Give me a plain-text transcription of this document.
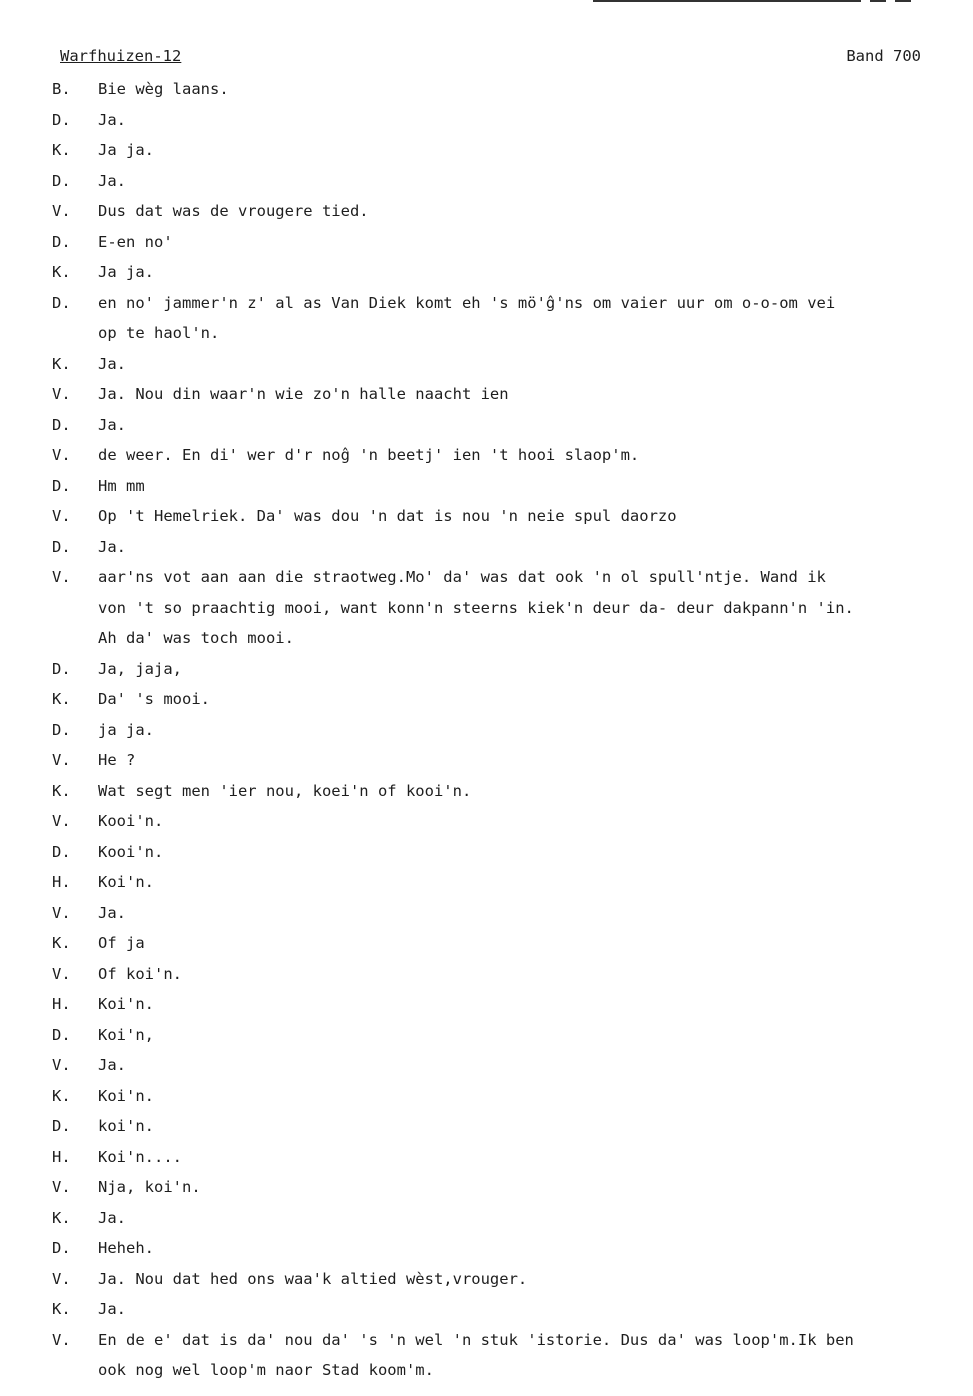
Warfhuizen-12	Band 700
B.	Bie wèg laans.
D.	Ja.
K.	Ja ja.
D.	Ja.
V.	Dus dat was de vrougere tied.
D.	E-en no'
K.	Ja ja.
D.	en no' jammer'n z' al as Van Diek komt eh 's mö'ĝ'ns om vaier uur om o-o-om vei
op te haol'n.
K.	Ja.
V.	Ja. Nou din waar'n wie zo'n halle naacht ien
D.	Ja.
V.	de weer. En di' wer d'r noĝ 'n beetj' ien 't hooi slaop'm.
D.	Hm mm
V.	Op 't Hemelriek. Da' was dou 'n dat is nou 'n neie spul daorzo
D.	Ja.
V.	aar'ns vot aan aan die straotweg.Mo' da' was dat ook 'n ol spull'ntje. Wand ik
von 't so praachtig mooi, want konn'n steerns kiek'n deur da- deur dakpann'n 'in.
Ah da' was toch mooi.
D.	Ja, jaja,
K.	Da' 's mooi.
D.	ja ja.
V.	He ?
K.	Wat segt men 'ier nou, koei'n of kooi'n.
V.	Kooi'n.
D.	Kooi'n.
H.	Koi'n.
V.	Ja.
K.	Of ja
V.	Of koi'n.
H.	Koi'n.
D.	Koi'n,
V.	Ja.
K.	Koi'n.
D.	koi'n.
H.	Koi'n....
V.	Nja, koi'n.
K.	Ja.
D.	Heheh.
V.	Ja. Nou dat hed ons waa'k altied wèst,vrouger.
K.	Ja.
V.	En de e' dat is da' nou da' 's 'n wel 'n stuk 'istorie. Dus da' was loop'm.Ik ben
ook nog wel loop'm naor Stad koom'm.
